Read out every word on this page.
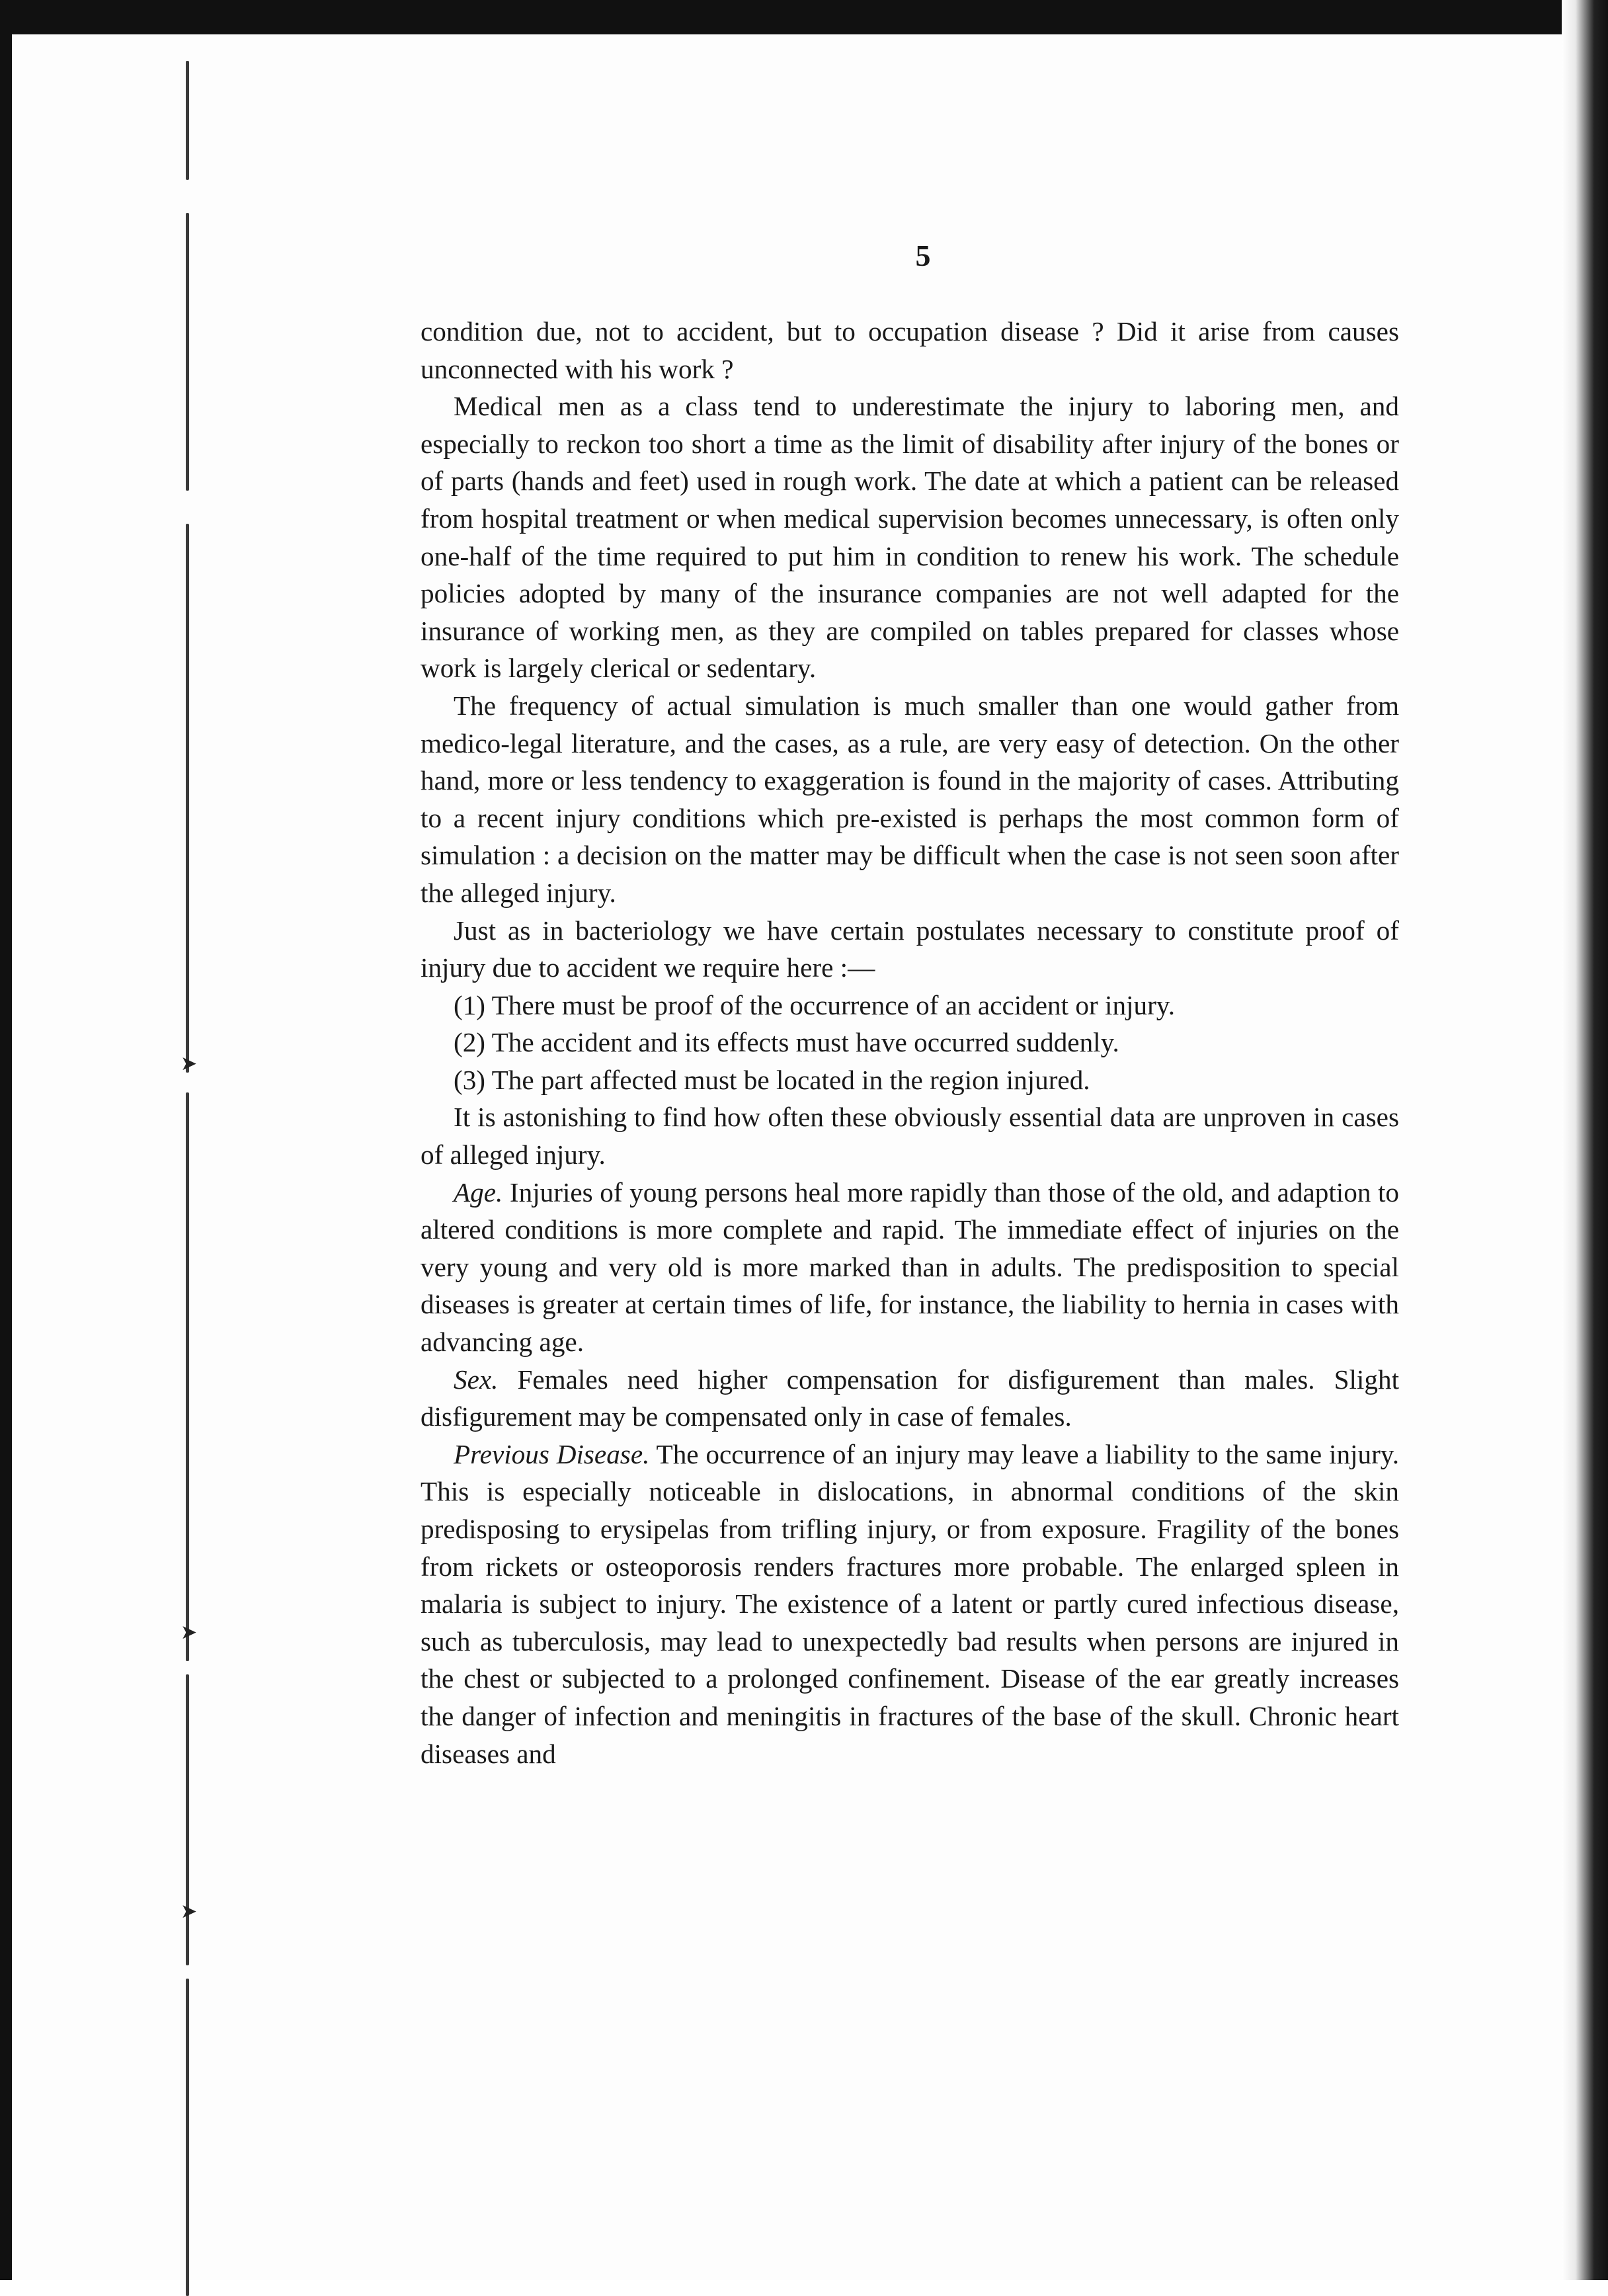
➤
➤
➤
5

condition due, not to accident, but to occupation disease ? Did it arise from causes unconnected with his work ?

Medical men as a class tend to underestimate the injury to laboring men, and especially to reckon too short a time as the limit of disability after injury of the bones or of parts (hands and feet) used in rough work. The date at which a patient can be released from hospital treatment or when medical supervision becomes unnecessary, is often only one-half of the time required to put him in condition to renew his work. The schedule policies adopted by many of the insurance companies are not well adapted for the insurance of working men, as they are compiled on tables prepared for classes whose work is largely clerical or sedentary.

The frequency of actual simulation is much smaller than one would gather from medico-legal literature, and the cases, as a rule, are very easy of detection. On the other hand, more or less tendency to exaggeration is found in the majority of cases. Attributing to a recent injury conditions which pre-existed is perhaps the most common form of simulation : a decision on the matter may be difficult when the case is not seen soon after the alleged injury.

Just as in bacteriology we have certain postulates necessary to constitute proof of injury due to accident we require here :—

(1) There must be proof of the occurrence of an accident or injury.

(2) The accident and its effects must have occurred suddenly.

(3) The part affected must be located in the region injured.

It is astonishing to find how often these obviously essential data are unproven in cases of alleged injury.

Age. Injuries of young persons heal more rapidly than those of the old, and adaption to altered conditions is more complete and rapid. The immediate effect of injuries on the very young and very old is more marked than in adults. The predisposition to special diseases is greater at certain times of life, for instance, the liability to hernia in cases with advancing age.

Sex. Females need higher compensation for disfigurement than males. Slight disfigurement may be compensated only in case of females.

Previous Disease. The occurrence of an injury may leave a liability to the same injury. This is especially noticeable in dislocations, in abnormal conditions of the skin predisposing to erysipelas from trifling injury, or from exposure. Fragility of the bones from rickets or osteoporosis renders fractures more probable. The enlarged spleen in malaria is subject to injury. The existence of a latent or partly cured infectious disease, such as tuberculosis, may lead to unexpectedly bad results when persons are injured in the chest or subjected to a prolonged confinement. Disease of the ear greatly increases the danger of infection and meningitis in fractures of the base of the skull. Chronic heart diseases and
